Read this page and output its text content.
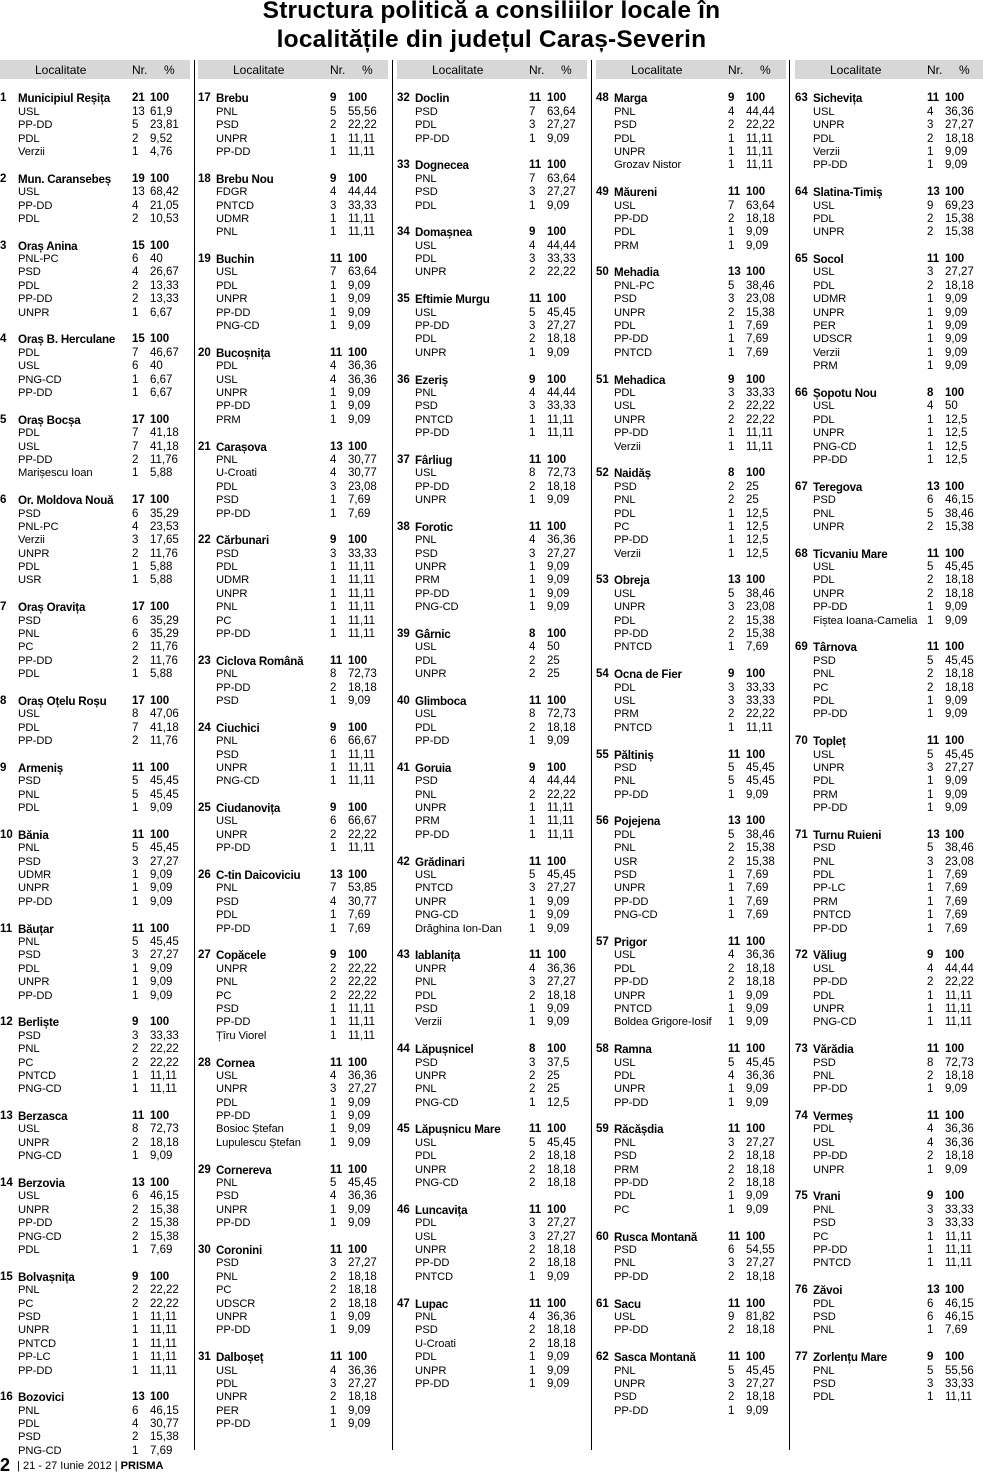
Structura politică a consiliilor locale în
localitățile din județul Caraș-Severin
Localitate	Nr. %
1 Municipiul Reșița 21 100
USL	13 61,9
PP-DD	5 23,81
PDL	2 9,52
Verzii	1 4,76
2 Mun. Caransebeș 19 100
USL	13 68,42
PP-DD	4 21,05
PDL	2 10,53
3 Oraș Anina	15 100
PNL-PC	6 40
PSD	4 26,67
PDL	2 13,33
PP-DD	2 13,33
UNPR	1 6,67
4 Oraș B. Herculane 15 100
PDL	7 46,67
USL	6 40
PNG-CD	1 6,67
PP-DD	1 6,67
5 Oraș Bocșa	17 100
PDL	7 41,18
USL	7 41,18
PP-DD	2 11,76
Marișescu Ioan	1 5,88
6 Or. Moldova Nouă 17 100
PSD	6 35,29
PNL-PC	4 23,53
Verzii	3 17,65
UNPR	2 11,76
PDL	1 5,88
USR	1 5,88
7 Oraș Oravița	17 100
PSD	6 35,29
PNL	6 35,29
PC	2 11,76
PP-DD	2 11,76
PDL	1 5,88
8 Oraș Oțelu Roșu 17 100
USL	8 47,06
PDL	7 41,18
PP-DD	2 11,76
9 Armeniș	11 100
PSD	5 45,45
PNL	5 45,45
PDL	1 9,09
10 Bănia	11 100
PNL	5 45,45
PSD	3 27,27
UDMR	1 9,09
UNPR	1 9,09
PP-DD	1 9,09
11 Băuțar	11 100
PNL	5 45,45
PSD	3 27,27
PDL	1 9,09
UNPR	1 9,09
PP-DD	1 9,09
12 Berliște	9 100
PSD	3 33,33
PNL	2 22,22
PC	2 22,22
PNTCD	1 11,11
PNG-CD	1 11,11
13 Berzasca	11 100
USL	8 72,73
UNPR	2 18,18
PNG-CD	1 9,09
14 Berzovia	13 100
USL	6 46,15
UNPR	2 15,38
PP-DD	2 15,38
PNG-CD	2 15,38
PDL	1 7,69
15 Bolvașnița	9 100
PNL	2 22,22
PC	2 22,22
PSD	1 11,11
UNPR	1 11,11
PNTCD	1 11,11
PP-LC	1 11,11
PP-DD	1 11,11
16 Bozovici	13 100
PNL	6 46,15
PDL	4 30,77
PSD	2 15,38
PNG-CD	1 7,69
Localitate	Nr. %
17 Brebu	9 100
PNL	5 55,56
PSD	2 22,22
UNPR	1 11,11
PP-DD	1 11,11
18 Brebu Nou	9 100
FDGR	4 44,44
PNTCD	3 33,33
UDMR	1 11,11
PNL	1 11,11
19 Buchin	11 100
USL	7 63,64
PDL	1 9,09
UNPR	1 9,09
PP-DD	1 9,09
PNG-CD	1 9,09
20 Bucoșnița	11 100
PDL	4 36,36
USL	4 36,36
UNPR	1 9,09
PP-DD	1 9,09
PRM	1 9,09
21 Carașova	13 100
PNL	4 30,77
U-Croati	4 30,77
PDL	3 23,08
PSD	1 7,69
PP-DD	1 7,69
22 Cărbunari	9 100
PSD	3 33,33
PDL	1 11,11
UDMR	1 11,11
UNPR	1 11,11
PNL	1 11,11
PC	1 11,11
PP-DD	1 11,11
23 Ciclova Română 11 100
PNL	8 72,73
PP-DD	2 18,18
PSD	1 9,09
24 Ciuchici	9 100
PNL	6 66,67
PSD	1 11,11
UNPR	1 11,11
PNG-CD	1 11,11
25 Ciudanovița	9 100
USL	6 66,67
UNPR	2 22,22
PP-DD	1 11,11
26 C-tin Daicoviciu	13 100
PNL	7 53,85
PSD	4 30,77
PDL	1 7,69
PP-DD	1 7,69
27 Copăcele	9 100
UNPR	2 22,22
PNL	2 22,22
PC	2 22,22
PSD	1 11,11
PP-DD	1 11,11
Țîru Viorel	1 11,11
28 Cornea	11 100
USL	4 36,36
UNPR	3 27,27
PDL	1 9,09
PP-DD	1 9,09
Bosioc Ștefan	1 9,09
Lupulescu Ștefan	1 9,09
29 Cornereva	11 100
PNL	5 45,45
PSD	4 36,36
UNPR	1 9,09
PP-DD	1 9,09
30 Coronini	11 100
PSD	3 27,27
PNL	2 18,18
PC	2 18,18
UDSCR	2 18,18
UNPR	1 9,09
PP-DD	1 9,09
31 Dalboșeț	11 100
USL	4 36,36
PDL	3 27,27
UNPR	2 18,18
PER	1 9,09
PP-DD	1 9,09
Localitate	Nr. %
32 Doclin	11 100
PSD	7 63,64
PDL	3 27,27
PP-DD	1 9,09
33 Dognecea	11 100
PNL	7 63,64
PSD	3 27,27
PDL	1 9,09
34 Domașnea	9 100
USL	4 44,44
PDL	3 33,33
UNPR	2 22,22
35 Eftimie Murgu	11 100
USL	5 45,45
PP-DD	3 27,27
PDL	2 18,18
UNPR	1 9,09
36 Ezeriș	9 100
PNL	4 44,44
PSD	3 33,33
PNTCD	1 11,11
PP-DD	1 11,11
37 Fârliug	11 100
USL	8 72,73
PP-DD	2 18,18
UNPR	1 9,09
38 Forotic	11 100
PNL	4 36,36
PSD	3 27,27
UNPR	1 9,09
PRM	1 9,09
PP-DD	1 9,09
PNG-CD	1 9,09
39 Gârnic	8 100
USL	4 50
PDL	2 25
UNPR	2 25
40 Glimboca	11 100
USL	8 72,73
PDL	2 18,18
PP-DD	1 9,09
41 Goruia	9 100
PSD	4 44,44
PNL	2 22,22
UNPR	1 11,11
PRM	1 11,11
PP-DD	1 11,11
42 Grădinari	11 100
USL	5 45,45
PNTCD	3 27,27
UNPR	1 9,09
PNG-CD	1 9,09
Drăghina Ion-Dan 1 9,09
43 Iablanița	11 100
UNPR	4 36,36
PNL	3 27,27
PDL	2 18,18
PSD	1 9,09
Verzii	1 9,09
44 Lăpușnicel	8 100
PSD	3 37,5
UNPR	2 25
PNL	2 25
PNG-CD	1 12,5
45 Lăpușnicu Mare 11 100
USL	5 45,45
PDL	2 18,18
UNPR	2 18,18
PNG-CD	2 18,18
46 Luncavița	11 100
PDL	3 27,27
USL	3 27,27
UNPR	2 18,18
PP-DD	2 18,18
PNTCD	1 9,09
47 Lupac	11 100
PNL	4 36,36
PSD	2 18,18
U-Croati	2 18,18
PDL	1 9,09
UNPR	1 9,09
PP-DD	1 9,09
Localitate	Nr. %
48 Marga	9 100
PNL	4 44,44
PSD	2 22,22
PDL	1 11,11
UNPR	1 11,11
Grozav Nistor	1 11,11
49 Măureni	11 100
USL	7 63,64
PP-DD	2 18,18
PDL	1 9,09
PRM	1 9,09
50 Mehadia	13 100
PNL-PC	5 38,46
PSD	3 23,08
UNPR	2 15,38
PDL	1 7,69
PP-DD	1 7,69
PNTCD	1 7,69
51 Mehadica	9 100
PDL	3 33,33
USL	2 22,22
UNPR	2 22,22
PP-DD	1 11,11
Verzii	1 11,11
52 Naidăș	8 100
PSD	2 25
PNL	2 25
PDL	1 12,5
PC	1 12,5
PP-DD	1 12,5
Verzii	1 12,5
53 Obreja	13 100
USL	5 38,46
UNPR	3 23,08
PDL	2 15,38
PP-DD	2 15,38
PNTCD	1 7,69
54 Ocna de Fier	9 100
PDL	3 33,33
USL	3 33,33
PRM	2 22,22
PNTCD	1 11,11
55 Păltiniș	11 100
PSD	5 45,45
PNL	5 45,45
PP-DD	1 9,09
56 Pojejena	13 100
PDL	5 38,46
PNL	2 15,38
USR	2 15,38
PSD	1 7,69
UNPR	1 7,69
PP-DD	1 7,69
PNG-CD	1 7,69
57 Prigor	11 100
USL	4 36,36
PDL	2 18,18
PP-DD	2 18,18
UNPR	1 9,09
PNTCD	1 9,09
Boldea Grigore-Iosif 1 9,09
58 Ramna	11 100
USL	5 45,45
PDL	4 36,36
UNPR	1 9,09
PP-DD	1 9,09
59 Răcășdia	11 100
PNL	3 27,27
PSD	2 18,18
PRM	2 18,18
PP-DD	2 18,18
PDL	1 9,09
PC	1 9,09
60 Rusca Montană	11 100
PSD	6 54,55
PNL	3 27,27
PP-DD	2 18,18
61 Sacu	11 100
USL	9 81,82
PP-DD	2 18,18
62 Sasca Montană	11 100
PNL	5 45,45
UNPR	3 27,27
PSD	2 18,18
PP-DD	1 9,09
Localitate	Nr. %
63 Sichevița	11 100
USL	4 36,36
UNPR	3 27,27
PDL	2 18,18
Verzii	1 9,09
PP-DD	1 9,09
64 Slatina-Timiș	13 100
USL	9 69,23
PDL	2 15,38
UNPR	2 15,38
65 Socol	11 100
USL	3 27,27
PDL	2 18,18
UDMR	1 9,09
UNPR	1 9,09
PER	1 9,09
UDSCR	1 9,09
Verzii	1 9,09
PRM	1 9,09
66 Șopotu Nou	8 100
USL	4 50
PDL	1 12,5
UNPR	1 12,5
PNG-CD	1 12,5
PP-DD	1 12,5
67 Teregova	13 100
PSD	6 46,15
PNL	5 38,46
UNPR	2 15,38
68 Ticvaniu Mare	11 100
USL	5 45,45
PDL	2 18,18
UNPR	2 18,18
PP-DD	1 9,09
Fiștea Ioana-Camelia 1 9,09
69 Târnova	11 100
PSD	5 45,45
PNL	2 18,18
PC	2 18,18
PDL	1 9,09
PP-DD	1 9,09
70 Topleț	11 100
USL	5 45,45
UNPR	3 27,27
PDL	1 9,09
PRM	1 9,09
PP-DD	1 9,09
71 Turnu Ruieni	13 100
PSD	5 38,46
PNL	3 23,08
PDL	1 7,69
PP-LC	1 7,69
PRM	1 7,69
PNTCD	1 7,69
PP-DD	1 7,69
72 Văliug	9 100
USL	4 44,44
PP-DD	2 22,22
PDL	1 11,11
UNPR	1 11,11
PNG-CD	1 11,11
73 Vărădia	11 100
PSD	8 72,73
PNL	2 18,18
PP-DD	1 9,09
74 Vermeș	11 100
PDL	4 36,36
USL	4 36,36
PP-DD	2 18,18
UNPR	1 9,09
75 Vrani	9 100
PNL	3 33,33
PSD	3 33,33
PC	1 11,11
PP-DD	1 11,11
PNTCD	1 11,11
76 Zăvoi	13 100
PDL	6 46,15
PSD	6 46,15
PNL	1 7,69
77 Zorlențu Mare	9 100
PNL	5 55,56
PSD	3 33,33
PDL	1 11,11
2 | 21 - 27 Iunie 2012 | PRISMA
